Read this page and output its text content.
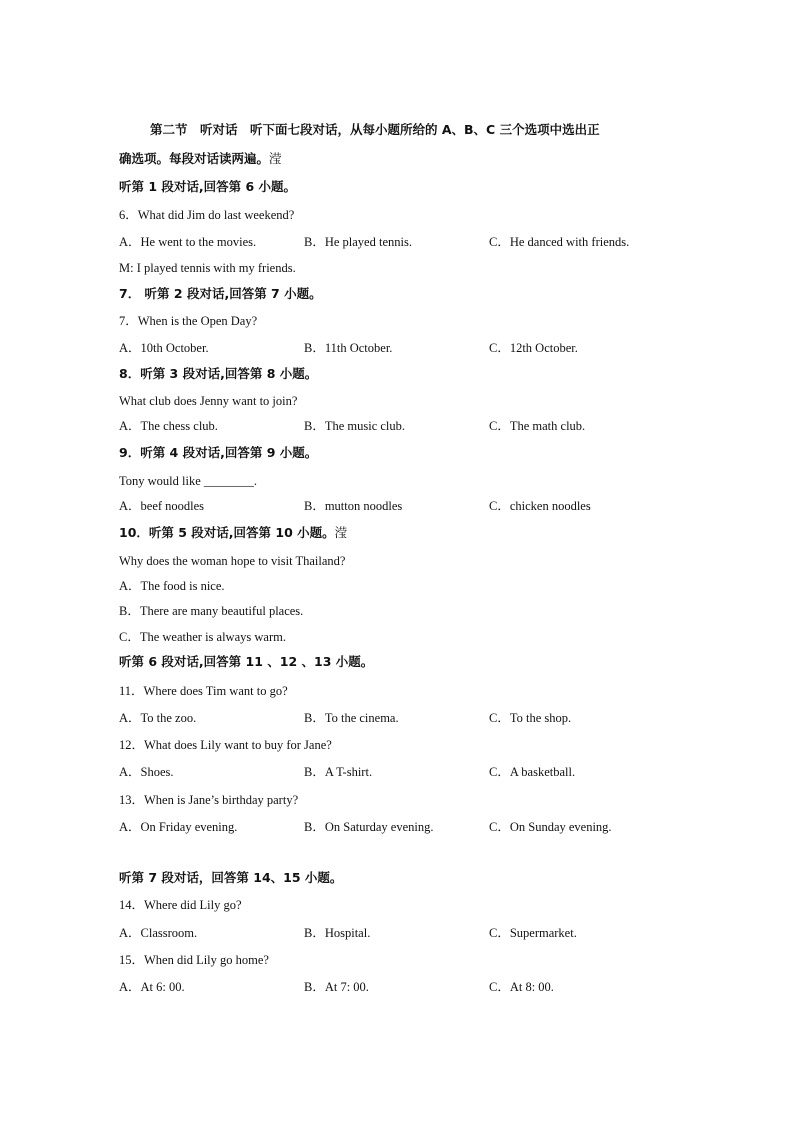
第二节　听对话　听下面七段对话，从每小题所给的 A、B、C 三个选项中选出正
确选项。每段对话读两遍。滢
听第 1 段对话,回答第 6 小题。
6．What did Jim do last weekend?
A．He went to the movies.	B．He played tennis.	C．He danced with friends.
M: I played tennis with my friends.
7． 听第 2 段对话,回答第 7 小题。
7．When is the Open Day?
A．10th October.	B．11th October.	C．12th October.
8．听第 3 段对话,回答第 8 小题。
What club does Jenny want to join?
A．The chess club.	B．The music club.	C．The math club.
9．听第 4 段对话,回答第 9 小题。
Tony would like ________.
A．beef noodles	B．mutton noodles	C．chicken noodles
10．听第 5 段对话,回答第 10 小题。滢
Why does the woman hope to visit Thailand?
A．The food is nice.
B．There are many beautiful places.
C．The weather is always warm.
听第 6 段对话,回答第 11 、12 、13 小题。
11．Where does Tim want to go?
A．To the zoo.	B．To the cinema.	C．To the shop.
12．What does Lily want to buy for Jane?
A．Shoes.	B．A T-shirt.	C．A basketball.
13．When is Jane’s birthday party?
A．On Friday evening.	B．On Saturday evening.	C．On Sunday evening.
听第 7 段对话，回答第 14、15 小题。
14．Where did Lily go?
A．Classroom.	B．Hospital.	C．Supermarket.
15．When did Lily go home?
A．At 6: 00.	B．At 7: 00.	C．At 8: 00.
